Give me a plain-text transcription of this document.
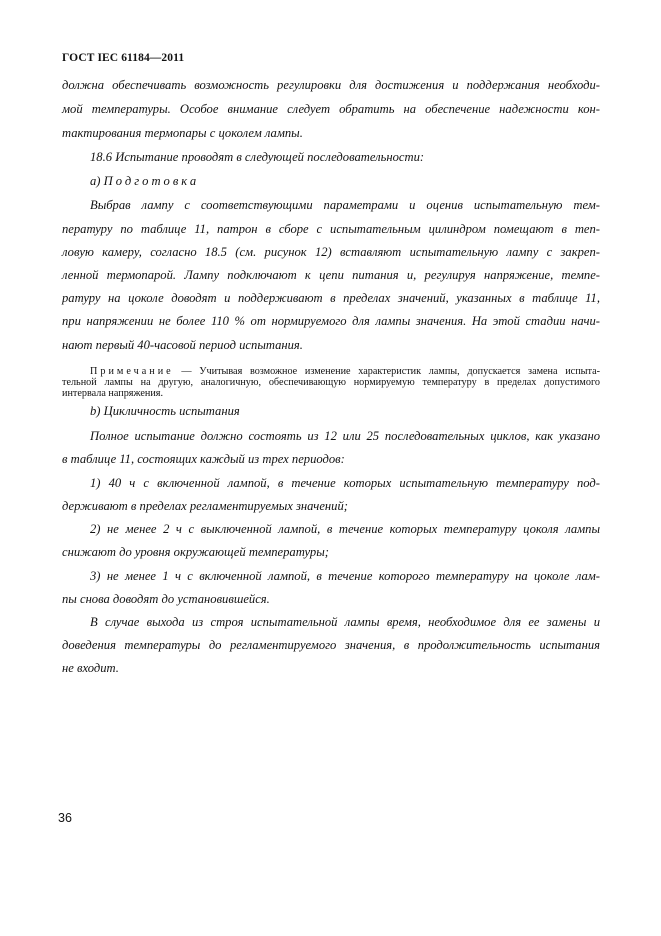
ГОСТ IEC 61184—2011
должна обеспечивать возможность регулировки для достижения и поддержания необходи-
мой температуры. Особое внимание следует обратить на обеспечение надежности кон-
тактирования термопары с цоколем лампы.
18.6 Испытание проводят в следующей последовательности:
а) Подготовка
Выбрав лампу с соответствующими параметрами и оценив испытательную тем-
пературу по таблице 11, патрон в сборе с испытательным цилиндром помещают в теп-
ловую камеру, согласно 18.5 (см. рисунок 12) вставляют испытательную лампу с закреп-
ленной термопарой. Лампу подключают к цепи питания и, регулируя напряжение, темпе-
ратуру на цоколе доводят и поддерживают в пределах значений, указанных в таблице 11,
при напряжении не более 110 % от нормируемого для лампы значения. На этой стадии начи-
нают первый 40-часовой период испытания.
Примечание — Учитывая возможное изменение характеристик лампы, допускается замена испыта-
тельной лампы на другую, аналогичную, обеспечивающую нормируемую температуру в пределах допустимого
интервала напряжения.
b) Цикличность испытания
Полное испытание должно состоять из 12 или 25 последовательных циклов, как указано
в таблице 11, состоящих каждый из трех периодов:
1) 40 ч с включенной лампой, в течение которых испытательную температуру под-
держивают в пределах регламентируемых значений;
2) не менее 2 ч с выключенной лампой, в течение которых температуру цоколя лампы
снижают до уровня окружающей температуры;
3) не менее 1 ч с включенной лампой, в течение которого температуру на цоколе лам-
пы снова доводят до установившейся.
В случае выхода из строя испытательной лампы время, необходимое для ее замены и
доведения температуры до регламентируемого значения, в продолжительность испытания
не входит.
36
